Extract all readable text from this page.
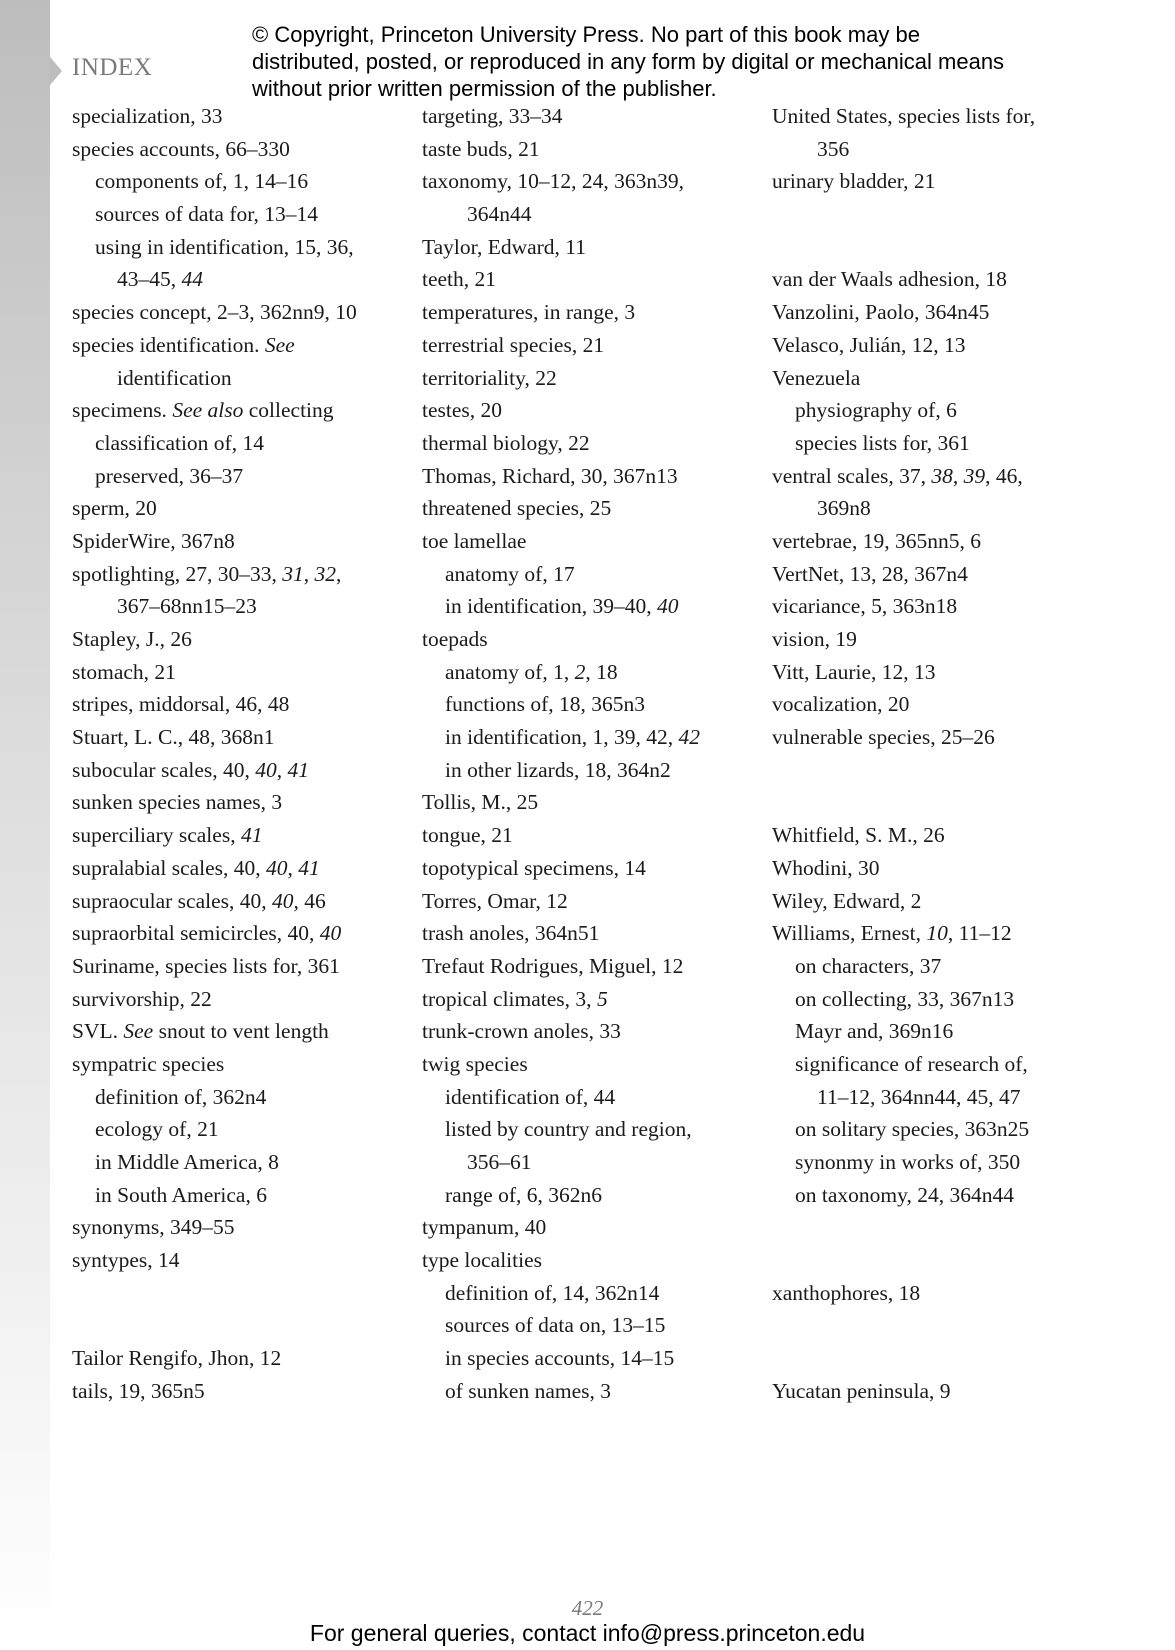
INDEX
© Copyright, Princeton University Press. No part of this book may be distributed, posted, or reproduced in any form by digital or mechanical means without prior written permission of the publisher.
specialization, 33
species accounts, 66–330
components of, 1, 14–16
sources of data for, 13–14
using in identification, 15, 36,
43–45, 44
species concept, 2–3, 362nn9, 10
species identification. See
identification
specimens. See also collecting
classification of, 14
preserved, 36–37
sperm, 20
SpiderWire, 367n8
spotlighting, 27, 30–33, 31, 32,
367–68nn15–23
Stapley, J., 26
stomach, 21
stripes, middorsal, 46, 48
Stuart, L. C., 48, 368n1
subocular scales, 40, 40, 41
sunken species names, 3
superciliary scales, 41
supralabial scales, 40, 40, 41
supraocular scales, 40, 40, 46
supraorbital semicircles, 40, 40
Suriname, species lists for, 361
survivorship, 22
SVL. See snout to vent length
sympatric species
definition of, 362n4
ecology of, 21
in Middle America, 8
in South America, 6
synonyms, 349–55
syntypes, 14
Tailor Rengifo, Jhon, 12
tails, 19, 365n5
targeting, 33–34
taste buds, 21
taxonomy, 10–12, 24, 363n39,
364n44
Taylor, Edward, 11
teeth, 21
temperatures, in range, 3
terrestrial species, 21
territoriality, 22
testes, 20
thermal biology, 22
Thomas, Richard, 30, 367n13
threatened species, 25
toe lamellae
anatomy of, 17
in identification, 39–40, 40
toepads
anatomy of, 1, 2, 18
functions of, 18, 365n3
in identification, 1, 39, 42, 42
in other lizards, 18, 364n2
Tollis, M., 25
tongue, 21
topotypical specimens, 14
Torres, Omar, 12
trash anoles, 364n51
Trefaut Rodrigues, Miguel, 12
tropical climates, 3, 5
trunk-crown anoles, 33
twig species
identification of, 44
listed by country and region,
356–61
range of, 6, 362n6
tympanum, 40
type localities
definition of, 14, 362n14
sources of data on, 13–15
in species accounts, 14–15
of sunken names, 3
United States, species lists for,
356
urinary bladder, 21
van der Waals adhesion, 18
Vanzolini, Paolo, 364n45
Velasco, Julián, 12, 13
Venezuela
physiography of, 6
species lists for, 361
ventral scales, 37, 38, 39, 46,
369n8
vertebrae, 19, 365nn5, 6
VertNet, 13, 28, 367n4
vicariance, 5, 363n18
vision, 19
Vitt, Laurie, 12, 13
vocalization, 20
vulnerable species, 25–26
Whitfield, S. M., 26
Whodini, 30
Wiley, Edward, 2
Williams, Ernest, 10, 11–12
on characters, 37
on collecting, 33, 367n13
Mayr and, 369n16
significance of research of,
11–12, 364nn44, 45, 47
on solitary species, 363n25
synonmy in works of, 350
on taxonomy, 24, 364n44
xanthophores, 18
Yucatan peninsula, 9
422
For general queries, contact info@press.princeton.edu
